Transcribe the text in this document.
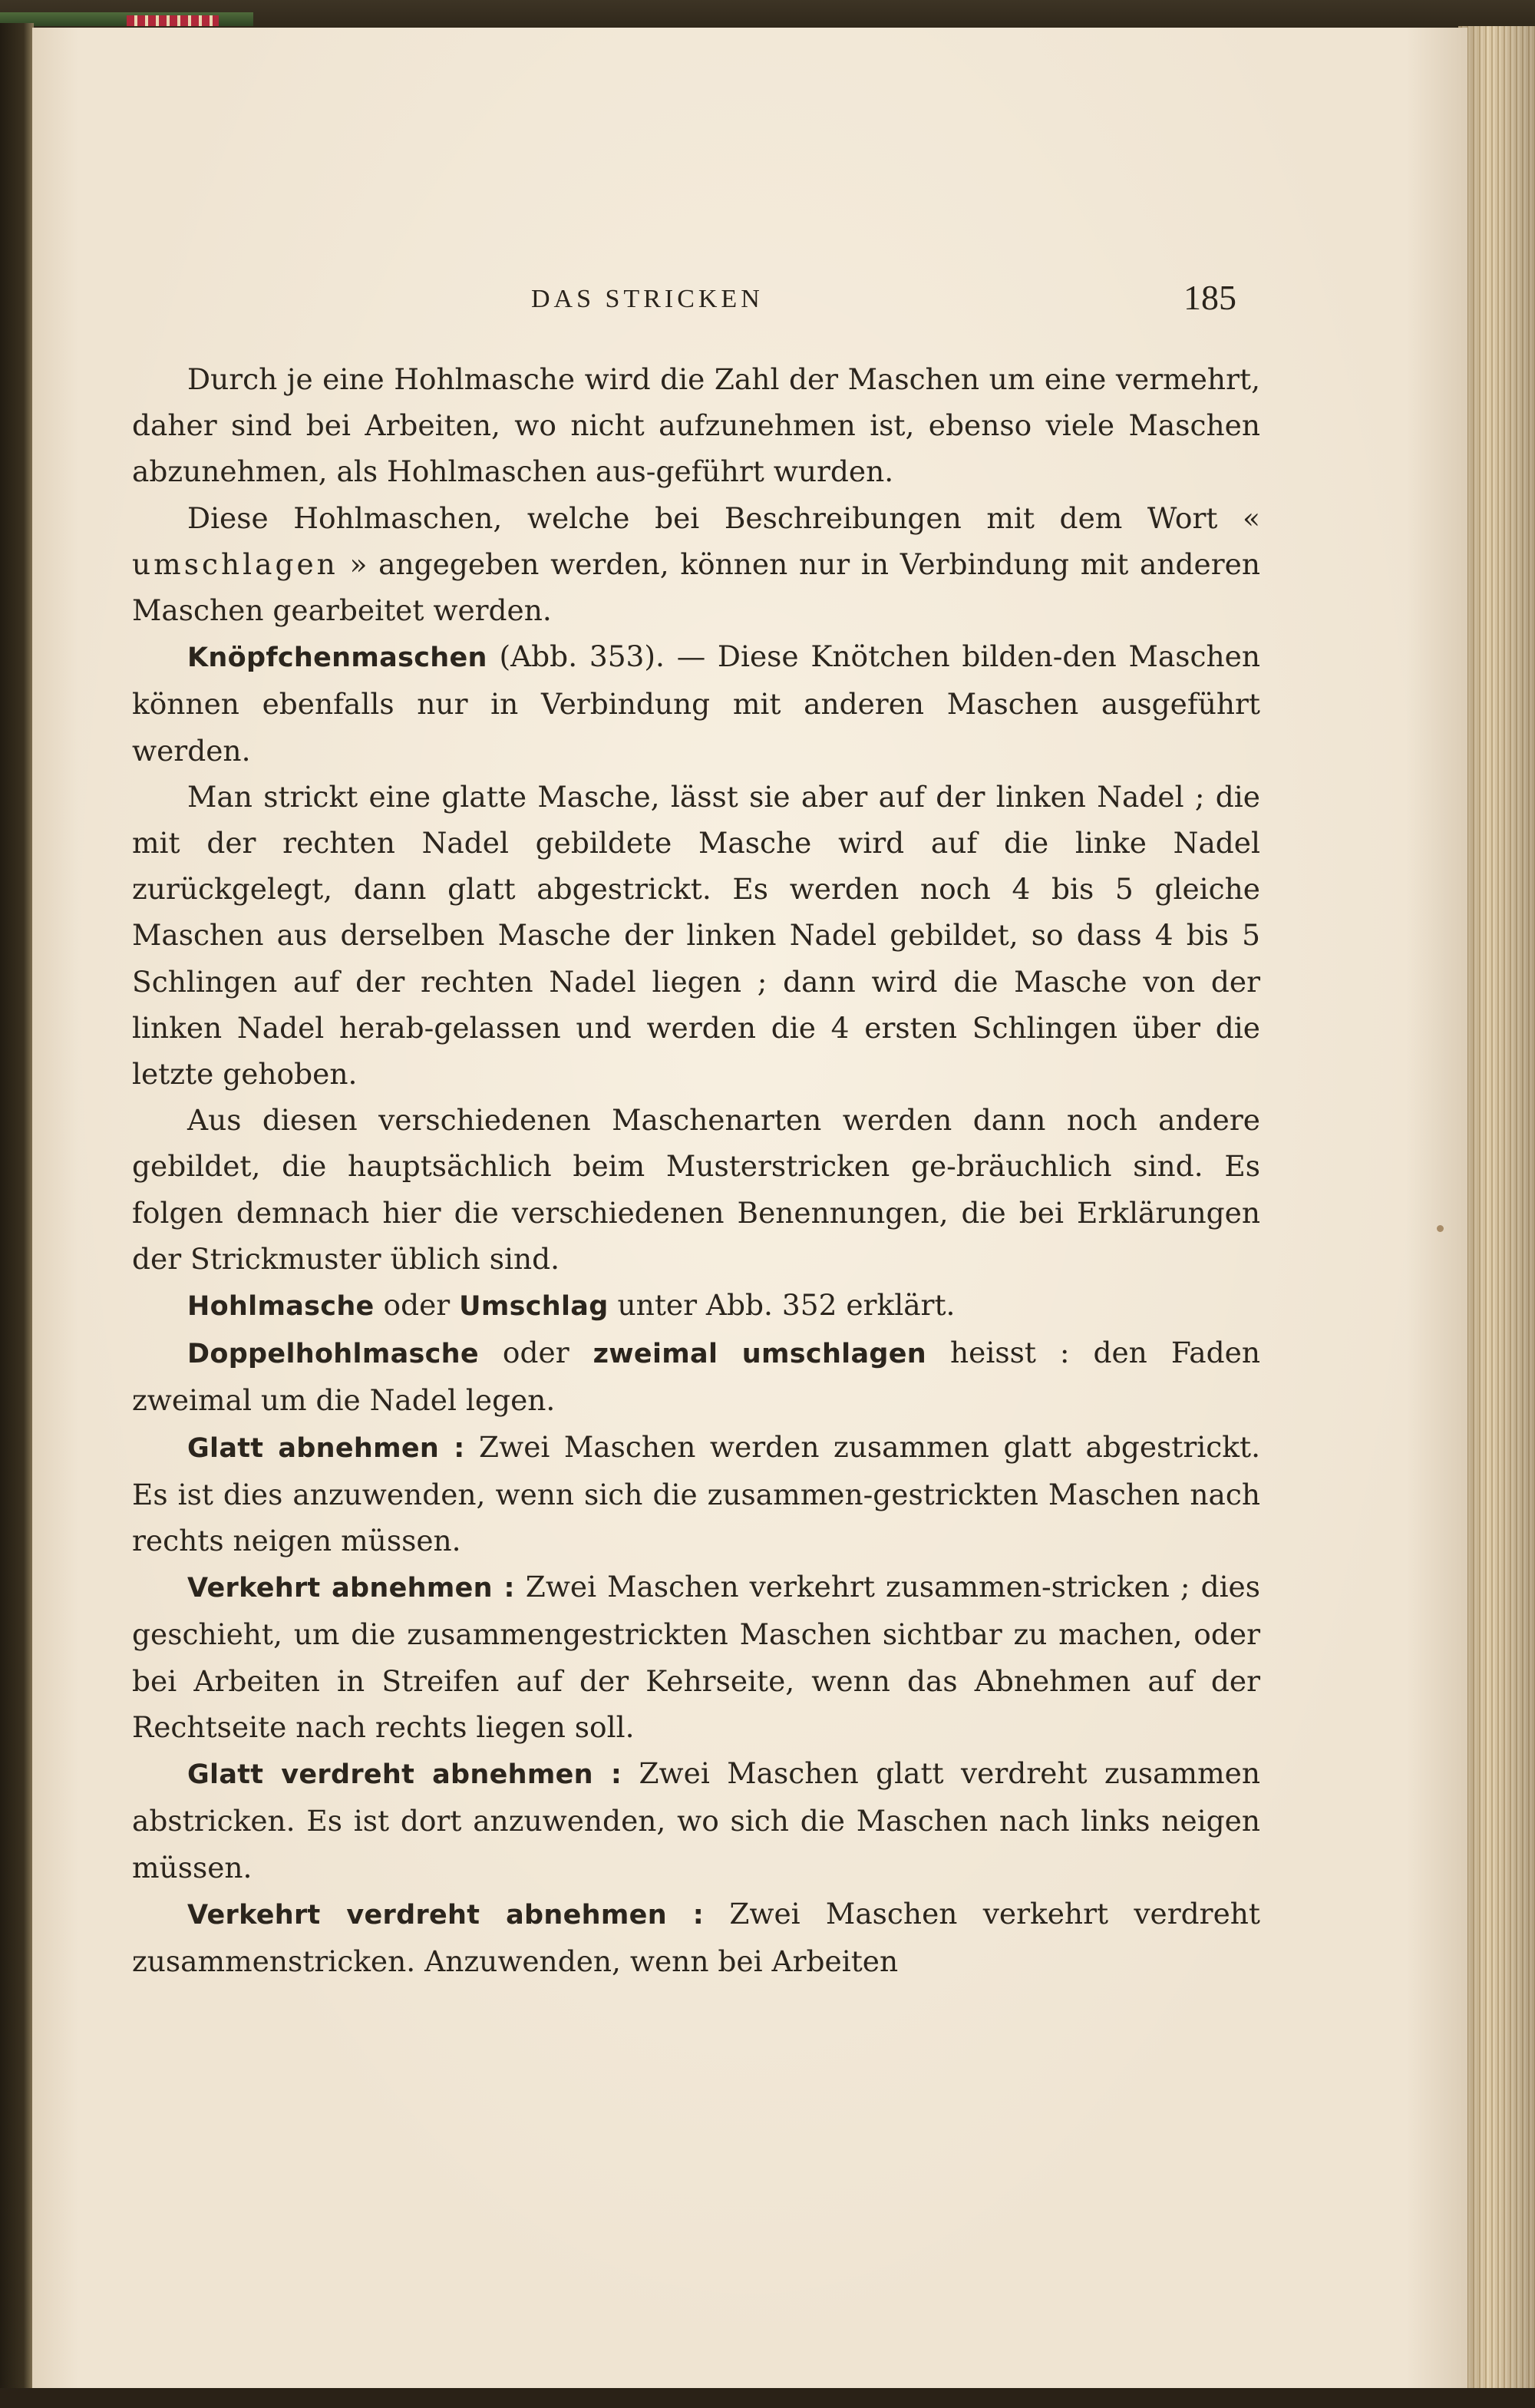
DAS STRICKEN	185

Durch je eine Hohlmasche wird die Zahl der Maschen um eine vermehrt, daher sind bei Arbeiten, wo nicht aufzunehmen ist, ebenso viele Maschen abzunehmen, als Hohlmaschen aus-geführt wurden.

Diese Hohlmaschen, welche bei Beschreibungen mit dem Wort « umschlagen » angegeben werden, können nur in Verbindung mit anderen Maschen gearbeitet werden.

Knöpfchenmaschen (Abb. 353). — Diese Knötchen bilden-den Maschen können ebenfalls nur in Verbindung mit anderen Maschen ausgeführt werden.

Man strickt eine glatte Masche, lässt sie aber auf der linken Nadel ; die mit der rechten Nadel gebildete Masche wird auf die linke Nadel zurückgelegt, dann glatt abgestrickt. Es werden noch 4 bis 5 gleiche Maschen aus derselben Masche der linken Nadel gebildet, so dass 4 bis 5 Schlingen auf der rechten Nadel liegen ; dann wird die Masche von der linken Nadel herab-gelassen und werden die 4 ersten Schlingen über die letzte gehoben.

Aus diesen verschiedenen Maschenarten werden dann noch andere gebildet, die hauptsächlich beim Musterstricken ge-bräuchlich sind. Es folgen demnach hier die verschiedenen Benennungen, die bei Erklärungen der Strickmuster üblich sind.

Hohlmasche oder Umschlag unter Abb. 352 erklärt.

Doppelhohlmasche oder zweimal umschlagen heisst : den Faden zweimal um die Nadel legen.

Glatt abnehmen : Zwei Maschen werden zusammen glatt abgestrickt. Es ist dies anzuwenden, wenn sich die zusammen-gestrickten Maschen nach rechts neigen müssen.

Verkehrt abnehmen : Zwei Maschen verkehrt zusammen-stricken ; dies geschieht, um die zusammengestrickten Maschen sichtbar zu machen, oder bei Arbeiten in Streifen auf der Kehrseite, wenn das Abnehmen auf der Rechtseite nach rechts liegen soll.

Glatt verdreht abnehmen : Zwei Maschen glatt verdreht zusammen abstricken. Es ist dort anzuwenden, wo sich die Maschen nach links neigen müssen.

Verkehrt verdreht abnehmen : Zwei Maschen verkehrt verdreht zusammenstricken. Anzuwenden, wenn bei Arbeiten
